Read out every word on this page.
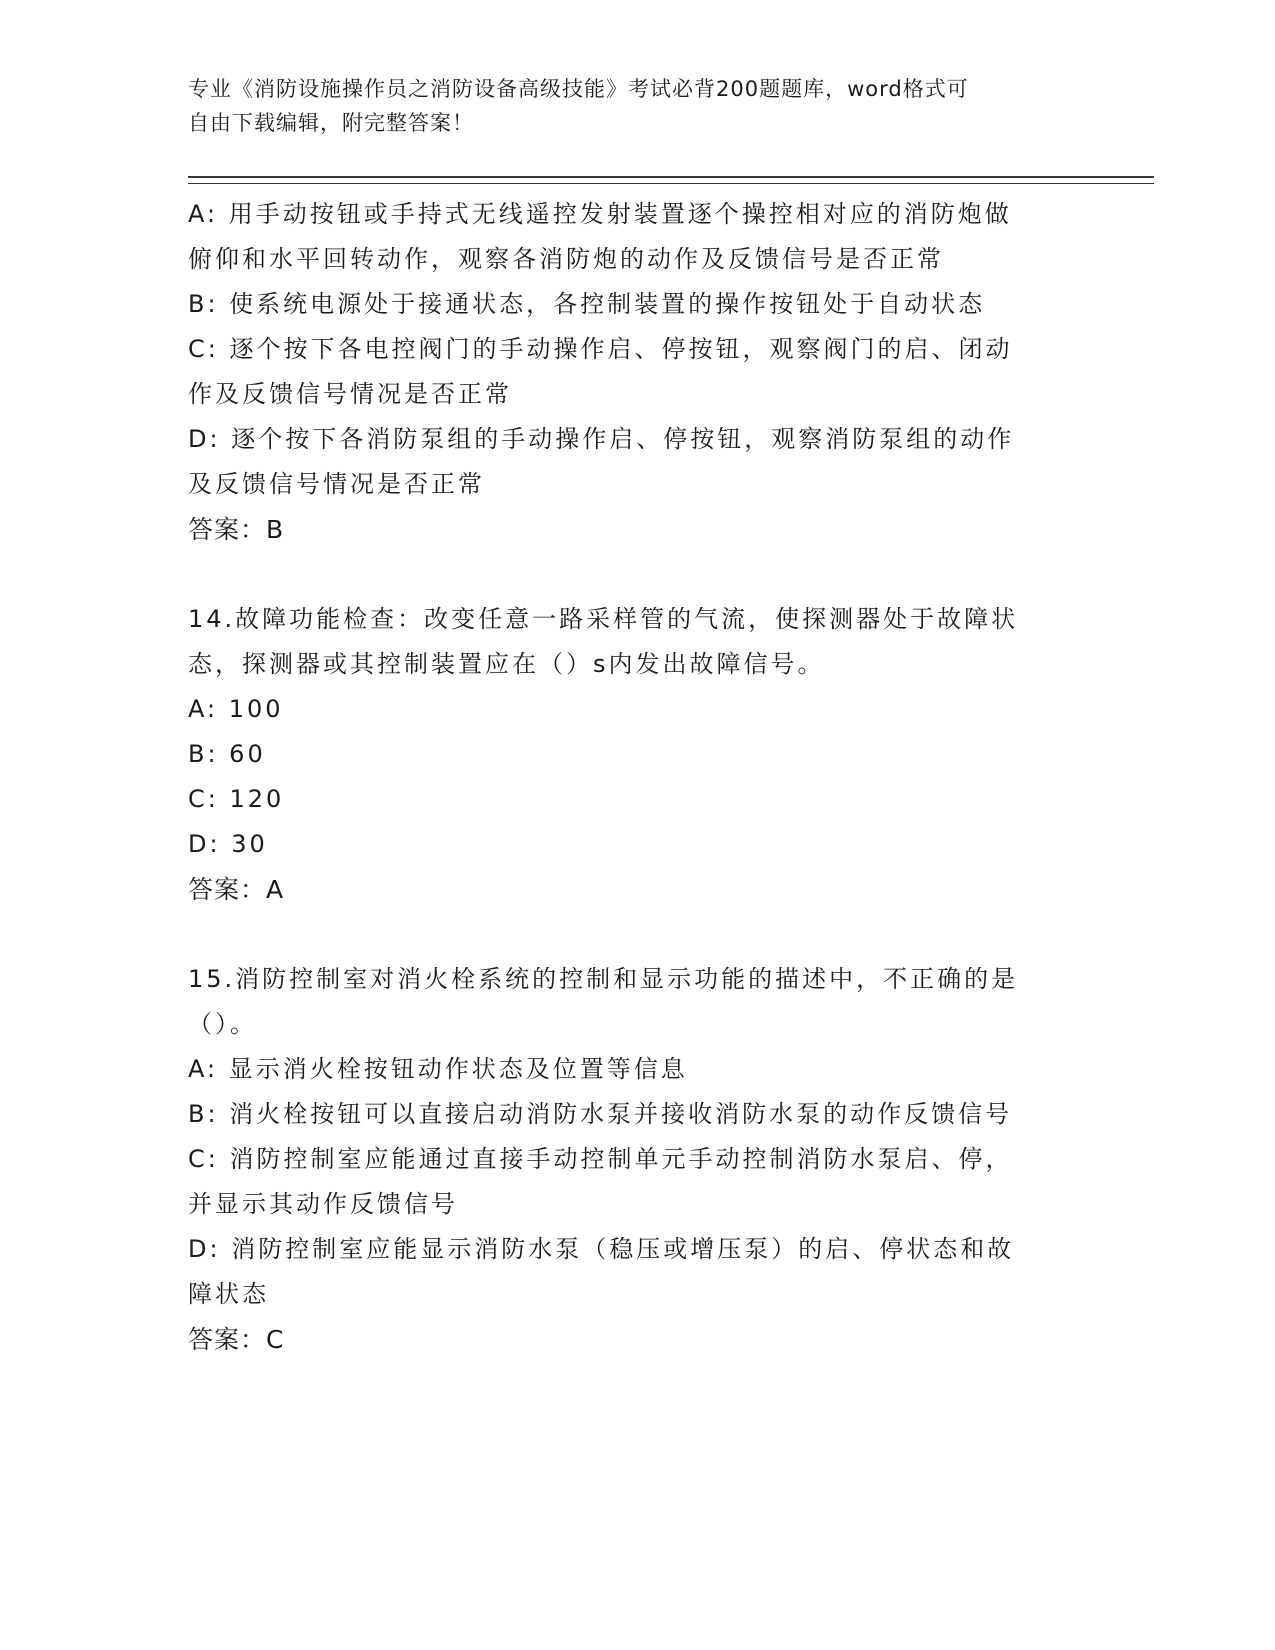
专业《消防设施操作员之消防设备高级技能》考试必背200题题库，word格式可
自由下载编辑，附完整答案！
A: 用手动按钮或手持式无线遥控发射装置逐个操控相对应的消防炮做
俯仰和水平回转动作，观察各消防炮的动作及反馈信号是否正常
B: 使系统电源处于接通状态，各控制装置的操作按钮处于自动状态
C: 逐个按下各电控阀门的手动操作启、停按钮，观察阀门的启、闭动
作及反馈信号情况是否正常
D: 逐个按下各消防泵组的手动操作启、停按钮，观察消防泵组的动作
及反馈信号情况是否正常
答案：B
14.故障功能检查：改变任意一路采样管的气流，使探测器处于故障状
态，探测器或其控制装置应在（）s内发出故障信号。
A: 100
B: 60
C: 120
D: 30
答案：A
15.消防控制室对消火栓系统的控制和显示功能的描述中，不正确的是
（）。
A: 显示消火栓按钮动作状态及位置等信息
B: 消火栓按钮可以直接启动消防水泵并接收消防水泵的动作反馈信号
C: 消防控制室应能通过直接手动控制单元手动控制消防水泵启、停，
并显示其动作反馈信号
D: 消防控制室应能显示消防水泵（稳压或增压泵）的启、停状态和故
障状态
答案：C
